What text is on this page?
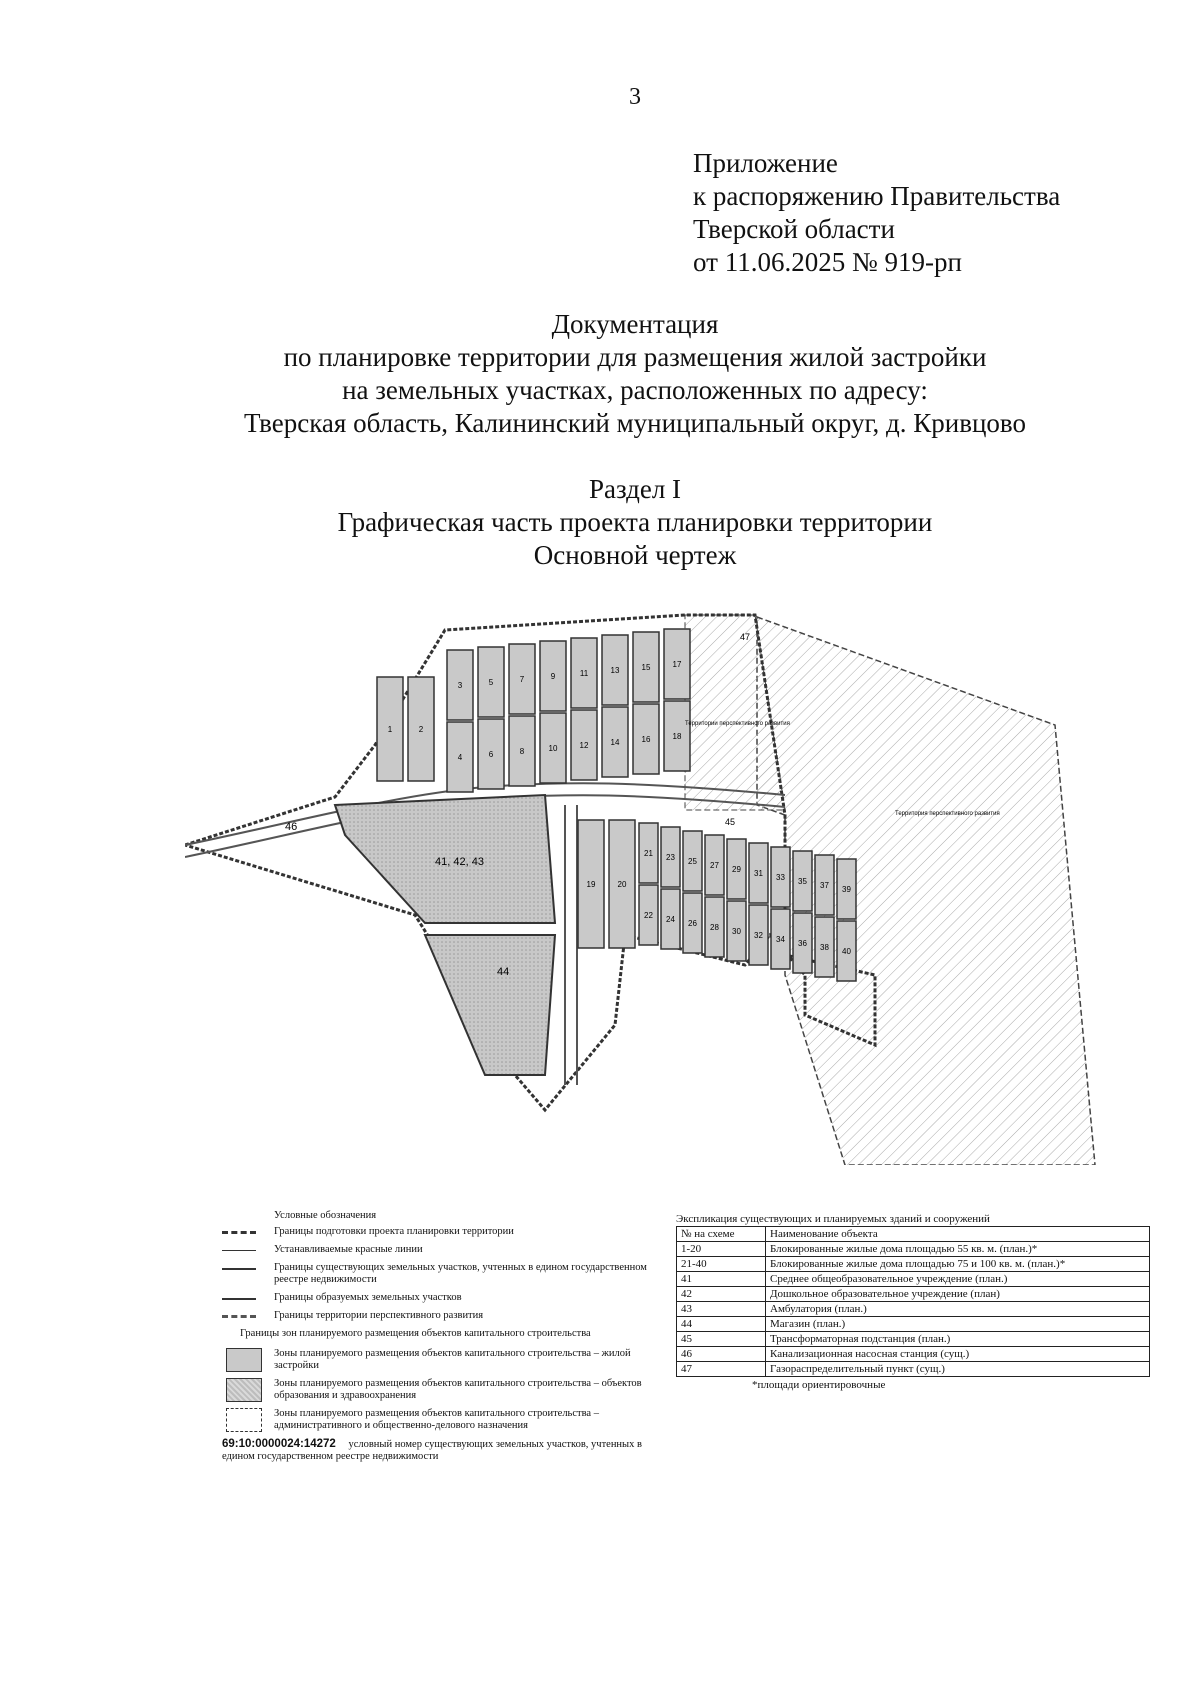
3
Приложение
к распоряжению Правительства
Тверской области
от 11.06.2025 № 919-рп
Документация
по планировке территории для размещения жилой застройки
на земельных участках, расположенных по адресу:
Тверская область, Калининский муниципальный округ, д. Кривцово
Раздел I
Графическая часть проекта планировки территории
Основной чертеж
3	5	7	9	11	13	15	17
4	6	8	10	12	14	16	18
1	2
19	20
21 23 25 27 29 31 33 35 37 39
22 24 26 28 30 32 34 36 38 40
41, 42, 43
44
45
46
47
Территории перспективного развития
Территория перспективного развития
Условные обозначения
Границы подготовки проекта планировки территории
Устанавливаемые красные линии
Границы существующих земельных участков, учтенных в едином государственном реестре недвижимости
Границы образуемых земельных участков
Границы территории перспективного развития
Границы зон планируемого размещения объектов капитального строительства
Зоны планируемого размещения объектов капитального строительства – жилой застройки
Зоны планируемого размещения объектов капитального строительства – объектов образования и здравоохранения
Зоны планируемого размещения объектов капитального строительства – административного и общественно-делового назначения
69:10:0000024:14272 условный номер существующих земельных участков, учтенных в едином государственном реестре недвижимости
Экспликация существующих и планируемых зданий и сооружений
№ на схеме	Наименование объекта
1-20	Блокированные жилые дома площадью 55 кв. м. (план.)*
21-40	Блокированные жилые дома площадью 75 и 100 кв. м. (план.)*
41	Среднее общеобразовательное учреждение (план.)
42	Дошкольное образовательное учреждение (план)
43	Амбулатория (план.)
44	Магазин (план.)
45	Трансформаторная подстанция (план.)
46	Канализационная насосная станция (сущ.)
47	Газораспределительный пункт (сущ.)
*площади ориентировочные
